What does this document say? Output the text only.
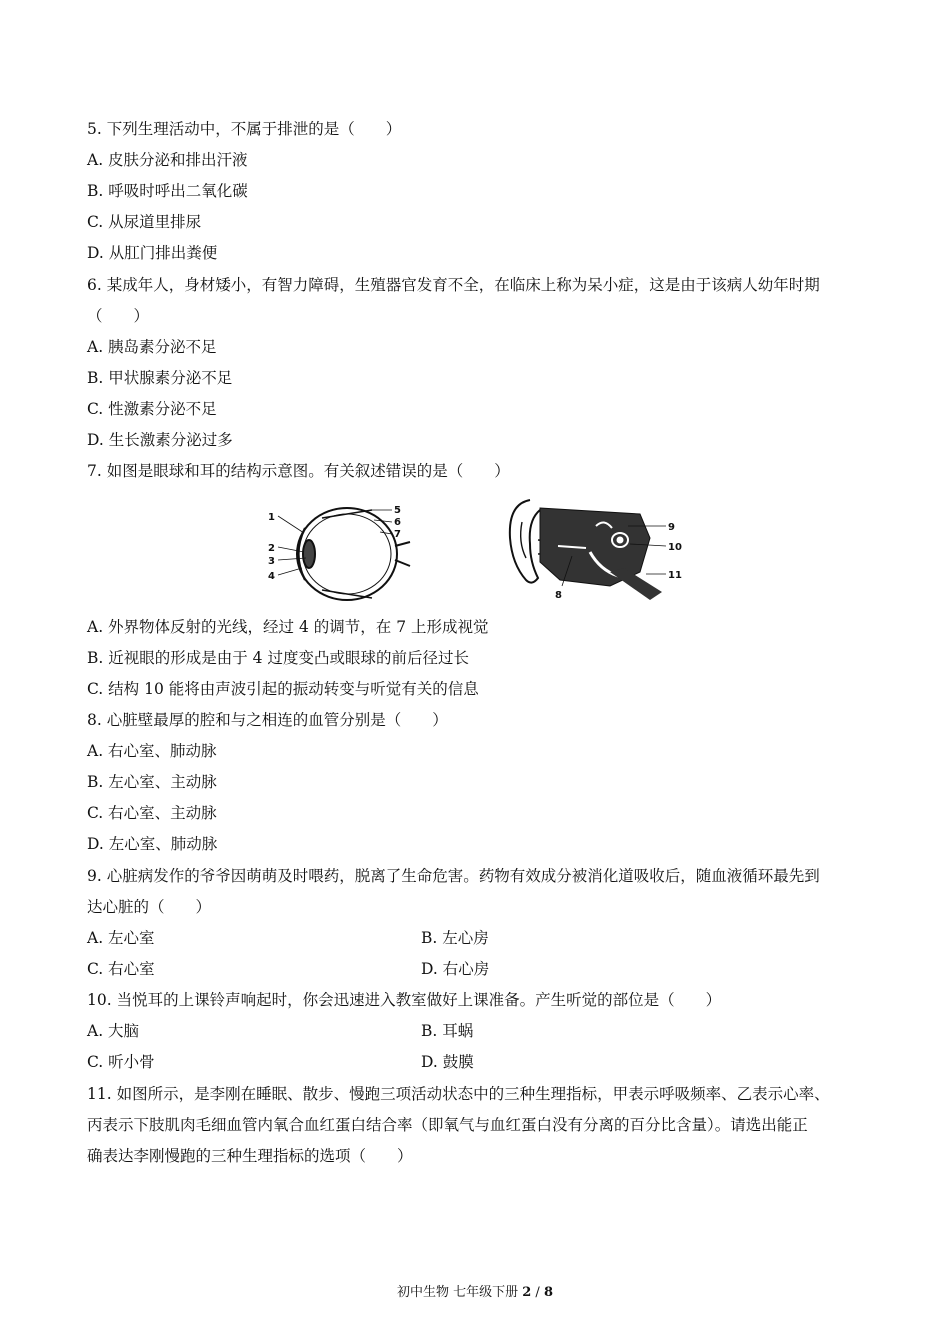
5. 下列生理活动中，不属于排泄的是（　　）
A. 皮肤分泌和排出汗液
B. 呼吸时呼出二氧化碳
C. 从尿道里排尿
D. 从肛门排出粪便
6. 某成年人，身材矮小，有智力障碍，生殖器官发育不全，在临床上称为呆小症，这是由于该病人幼年时期
（　　）
A. 胰岛素分泌不足
B. 甲状腺素分泌不足
C. 性激素分泌不足
D. 生长激素分泌过多
7. 如图是眼球和耳的结构示意图。有关叙述错误的是（　　）
1
2
3
4
5
6
7
9
10
11
8
A. 外界物体反射的光线，经过 4 的调节，在 7 上形成视觉
B. 近视眼的形成是由于 4 过度变凸或眼球的前后径过长
C. 结构 10 能将由声波引起的振动转变与听觉有关的信息
8. 心脏壁最厚的腔和与之相连的血管分别是（　　）
A. 右心室、肺动脉
B. 左心室、主动脉
C. 右心室、主动脉
D. 左心室、肺动脉
9. 心脏病发作的爷爷因萌萌及时喂药，脱离了生命危害。药物有效成分被消化道吸收后，随血液循环最先到
达心脏的（　　）
A. 左心室	B. 左心房
C. 右心室	D. 右心房
10. 当悦耳的上课铃声响起时，你会迅速进入教室做好上课准备。产生听觉的部位是（　　）
A. 大脑	B. 耳蜗
C. 听小骨	D. 鼓膜
11. 如图所示，是李刚在睡眠、散步、慢跑三项活动状态中的三种生理指标，甲表示呼吸频率、乙表示心率、
丙表示下肢肌肉毛细血管内氧合血红蛋白结合率（即氧气与血红蛋白没有分离的百分比含量）。请选出能正
确表达李刚慢跑的三种生理指标的选项（　　）
初中生物 七年级下册 2 / 8
